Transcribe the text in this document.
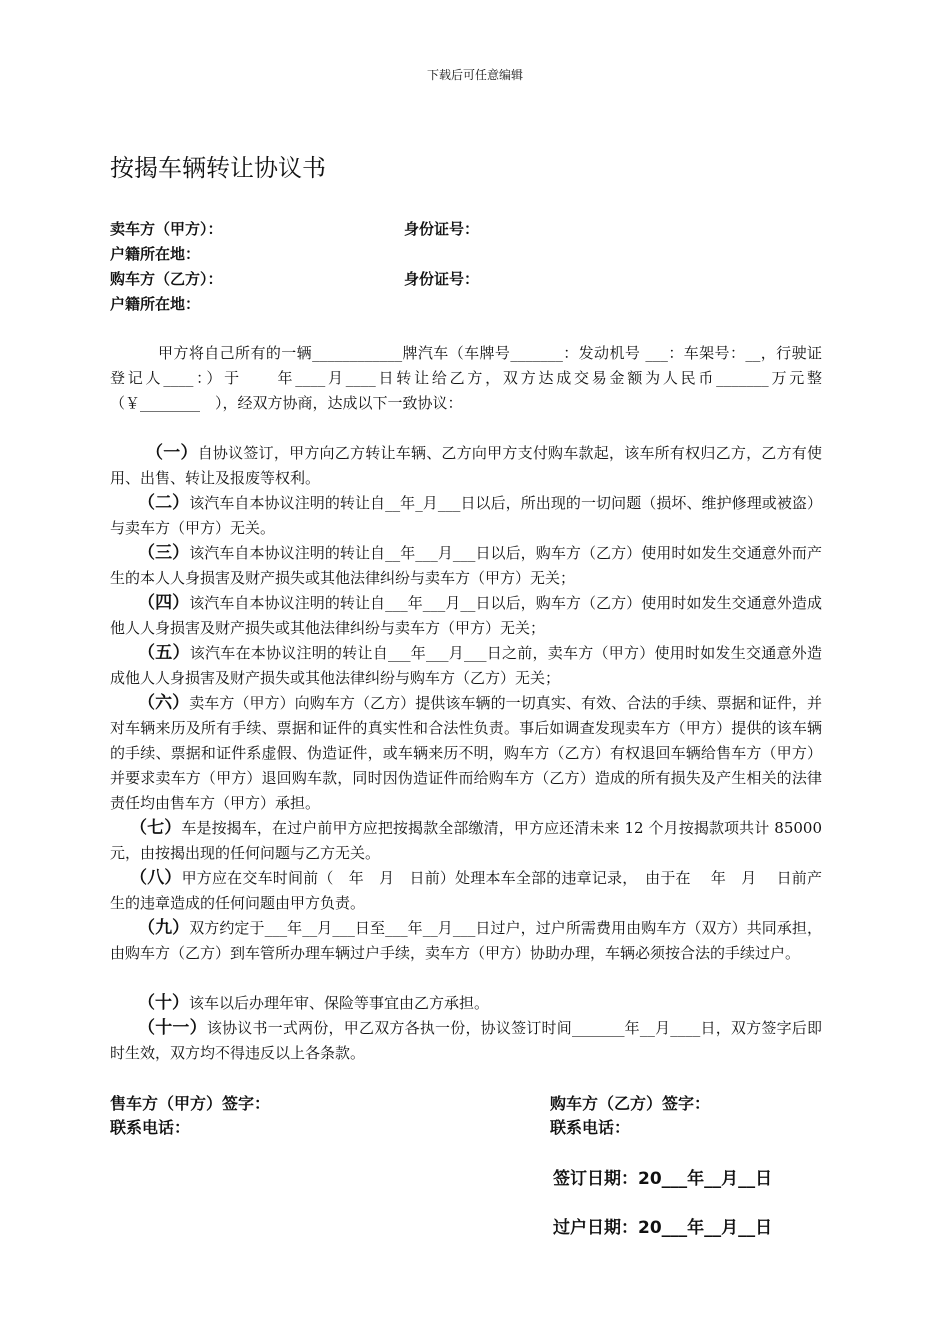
下载后可任意编辑
按揭车辆转让协议书
卖车方（甲方）：	身份证号：
户籍所在地：
购车方（乙方）：	身份证号：
户籍所在地：

甲方将自己所有的一辆____________牌汽车（车牌号_______：发动机号 ___：车架号：__，行驶证登记人____：）于　　年____月____日转让给乙方，双方达成交易金额为人民币_______万元整（￥________　），经双方协商，达成以下一致协议：

（一）自协议签订，甲方向乙方转让车辆、乙方向甲方支付购车款起，该车所有权归乙方，乙方有使用、出售、转让及报废等权利。

（二）该汽车自本协议注明的转让自__年_月___日以后，所出现的一切问题（损坏、维护修理或被盗）与卖车方（甲方）无关。

（三）该汽车自本协议注明的转让自__年___月___日以后，购车方（乙方）使用时如发生交通意外而产生的本人人身损害及财产损失或其他法律纠纷与卖车方（甲方）无关；

（四）该汽车自本协议注明的转让自___年___月__日以后，购车方（乙方）使用时如发生交通意外造成他人人身损害及财产损失或其他法律纠纷与卖车方（甲方）无关；

（五）该汽车在本协议注明的转让自___年___月___日之前，卖车方（甲方）使用时如发生交通意外造成他人人身损害及财产损失或其他法律纠纷与购车方（乙方）无关；

（六）卖车方（甲方）向购车方（乙方）提供该车辆的一切真实、有效、合法的手续、票据和证件，并对车辆来历及所有手续、票据和证件的真实性和合法性负责。事后如调查发现卖车方（甲方）提供的该车辆的手续、票据和证件系虚假、伪造证件，或车辆来历不明，购车方（乙方）有权退回车辆给售车方（甲方）并要求卖车方（甲方）退回购车款，同时因伪造证件而给购车方（乙方）造成的所有损失及产生相关的法律责任均由售车方（甲方）承担。

（七）车是按揭车，在过户前甲方应把按揭款全部缴清，甲方应还清未来 12 个月按揭款项共计 85000 元，由按揭出现的任何问题与乙方无关。

（八）甲方应在交车时间前（　年　月　日前）处理本车全部的违章记录，　由于在　 年　月　 日前产生的违章造成的任何问题由甲方负责。

（九）双方约定于___年__月___日至___年__月___日过户，过户所需费用由购车方（双方）共同承担，由购车方（乙方）到车管所办理车辆过户手续，卖车方（甲方）协助办理，车辆必须按合法的手续过户。

（十）该车以后办理年审、保险等事宜由乙方承担。

（十一）该协议书一式两份，甲乙双方各执一份，协议签订时间_______年__月____日，双方签字后即时生效，双方均不得违反以上各条款。

售车方（甲方）签字：
联系电话：
购车方（乙方）签字：
联系电话：
签订日期：20___年__月__日
过户日期：20___年__月__日
